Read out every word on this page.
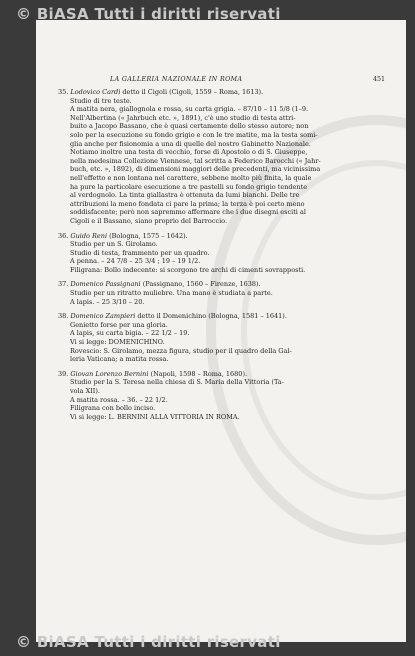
© BiASA Tutti i diritti riservati
© BiASA Tutti i diritti riservati
LA GALLERIA NAZIONALE IN ROMA	451

35. Lodovico Cardi detto il Cigoli (Cigoli, 1559 – Roma, 1613).

Studio di tre teste.

A matita nera, giallognola e rossa, su carta grigia. – 87/10 – 11 5/8 (1–9.

Nell'Albertina (« Jahrbuch etc. », 1891), c'è uno studio di testa attri-

buito a Jacopo Bassano, che è quasi certamente dello stesso autore; non

solo per la esecuzione su fondo grigio e con le tre matite, ma la testa somi-

glia anche per fisionomia a una di quelle del nostro Gabinetto Nazionale.

Notiamo inoltre una testa di vecchio, forse di Apostolo o di S. Giuseppe,

nella medesima Collezione Viennese, tal scritta a Federico Barocchi (« Jahr-

buch, etc. », 1892), di dimensioni maggiori delle precedenti, ma vicinissima

nell'effetto e non lontana nel carattere, sebbene molto più finita, la quale

ha pure la particolare esecuzione a tre pastelli su fondo grigio tendente

al verdognolo. La tinta giallastra è ottenuta da lumi bianchi. Delle tre

attribuzioni la meno fondata ci pare la prima; la terza è poi certo meno

soddisfacente; però non sapremmo affermare che i due disegni esciti al

Cigoli e il Bassano, siano proprio del Barroccio.

36. Guido Reni (Bologna, 1575 – 1642).

Studio per un S. Girolamo.

Studio di testa, frammento per un quadro.

A penna. – 24 7/8 – 25 3/4 ; 19 – 19 1/2.

Filigrana: Bollo indecente: si scorgono tre archi di cimenti sovrapposti.

37. Domenico Passignani (Passignano, 1560 – Firenze, 1638).

Studio per un ritratto muliebre. Una mano è studiata a parte.

A lapis. – 25 3/10 – 20.

38. Domenico Zampieri detto il Domenichino (Bologna, 1581 – 1641).

Genietto forse per una gloria.

A lapis, su carta bigia. – 22 1/2 – 19.

Vi si legge: DOMENICHINO.

Rovescio: S. Girolamo, mezza figura, studio per il quadro della Gal-

leria Vaticana; a matita rossa.

39. Giovan Lorenzo Bernini (Napoli, 1598 – Roma, 1680).

Studio per la S. Teresa nella chiesa di S. Maria della Vittoria (Ta-

vola XII).

A matita rossa. – 36. – 22 1/2.

Filigrana con bollo inciso.

Vi si legge: L. BERNINI ALLA VITTORIA IN ROMA.
